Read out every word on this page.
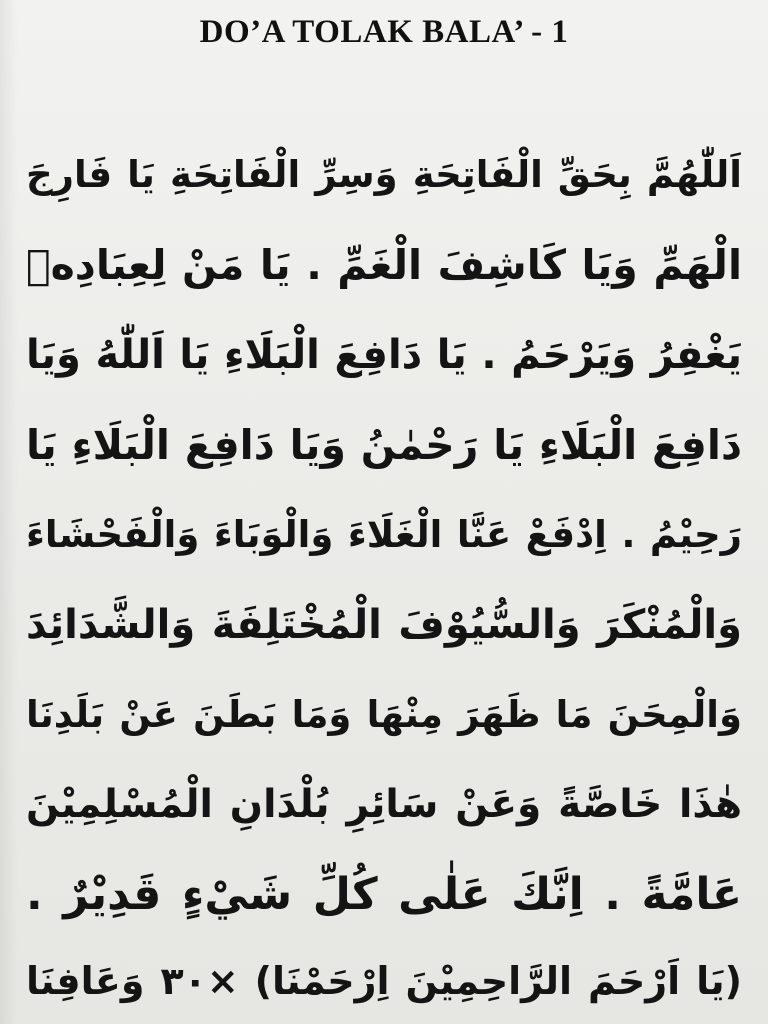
DO’A TOLAK BALA’ - 1
اَللّٰهُمَّ بِحَقِّ الْفَاتِحَةِ وَسِرِّ الْفَاتِحَةِ يَا فَارِجَ
الْهَمِّ وَيَا كَاشِفَ الْغَمِّ . يَا مَنْ لِعِبَادِهٖ
يَغْفِرُ وَيَرْحَمُ . يَا دَافِعَ الْبَلَاءِ يَا اَللّٰهُ وَيَا
دَافِعَ الْبَلَاءِ يَا رَحْمٰنُ وَيَا دَافِعَ الْبَلَاءِ يَا
رَحِيْمُ . اِدْفَعْ عَنَّا الْغَلَاءَ وَالْوَبَاءَ وَالْفَحْشَاءَ
وَالْمُنْكَرَ وَالسُّيُوْفَ الْمُخْتَلِفَةَ وَالشَّدَائِدَ
وَالْمِحَنَ مَا ظَهَرَ مِنْهَا وَمَا بَطَنَ عَنْ بَلَدِنَا
هٰذَا خَاصَّةً وَعَنْ سَائِرِ بُلْدَانِ الْمُسْلِمِيْنَ
عَامَّةً . اِنَّكَ عَلٰى كُلِّ شَيْءٍ قَدِيْرٌ .
(يَا اَرْحَمَ الرَّاحِمِيْنَ اِرْحَمْنَا) ×٣٠ وَعَافِنَا
